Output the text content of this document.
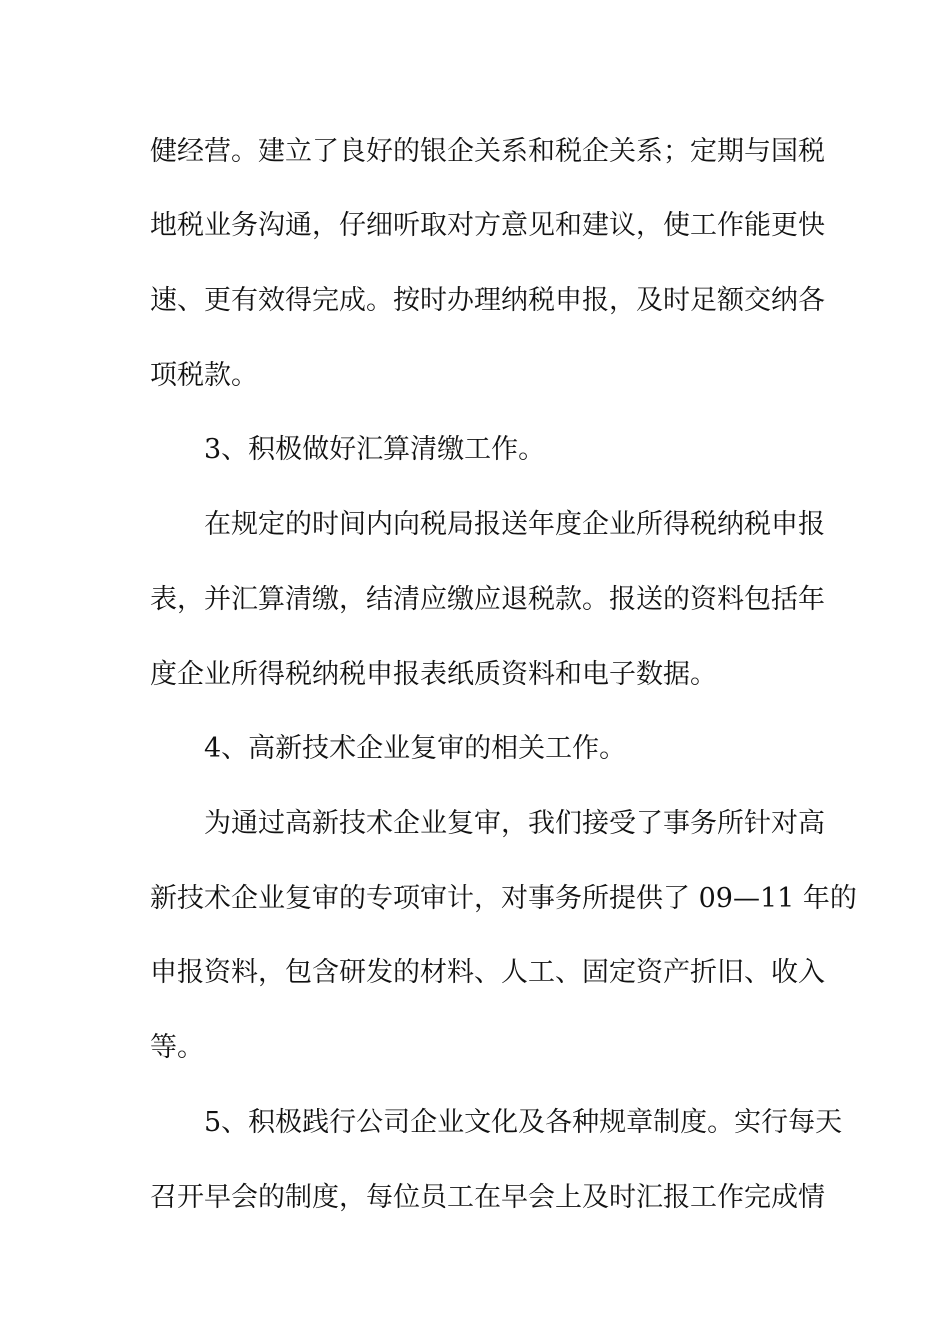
健经营。建立了良好的银企关系和税企关系；定期与国税
地税业务沟通，仔细听取对方意见和建议，使工作能更快
速、更有效得完成。按时办理纳税申报，及时足额交纳各
项税款。
3、积极做好汇算清缴工作。
在规定的时间内向税局报送年度企业所得税纳税申报
表，并汇算清缴，结清应缴应退税款。报送的资料包括年
度企业所得税纳税申报表纸质资料和电子数据。
4、高新技术企业复审的相关工作。
为通过高新技术企业复审，我们接受了事务所针对高
新技术企业复审的专项审计，对事务所提供了 09—11 年的
申报资料，包含研发的材料、人工、固定资产折旧、收入
等。
5、积极践行公司企业文化及各种规章制度。实行每天
召开早会的制度，每位员工在早会上及时汇报工作完成情
